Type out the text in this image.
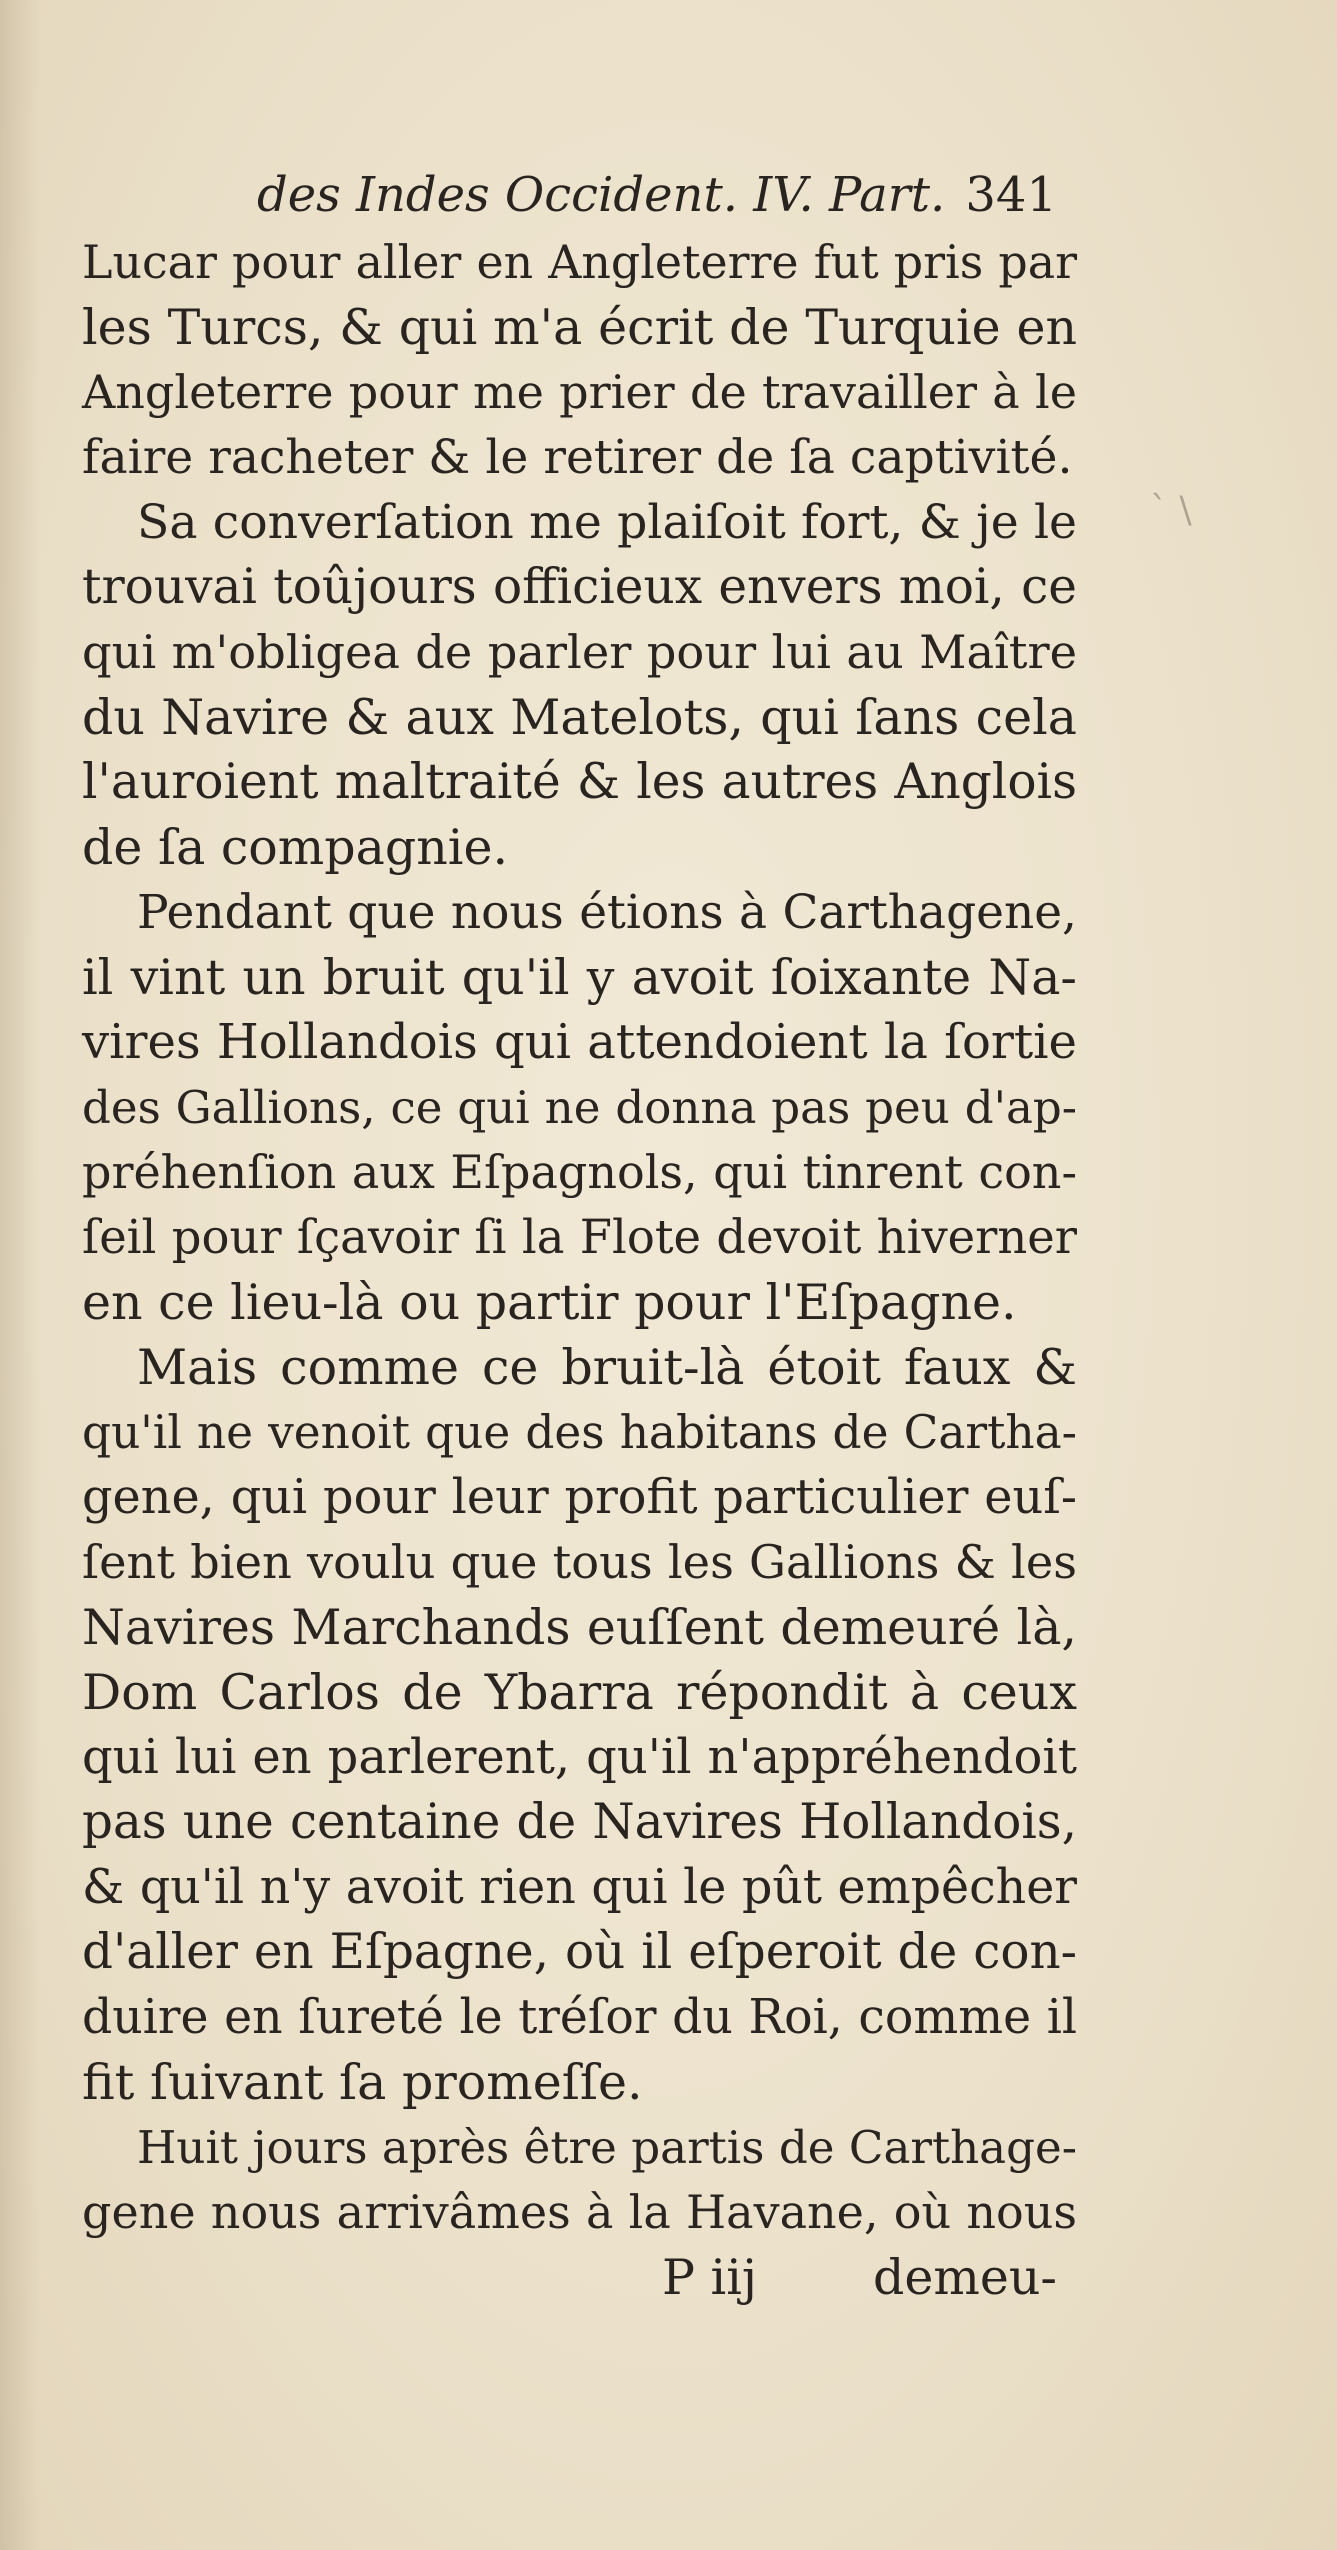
des Indes Occident. IV. Part. 341
Lucar pour aller en Angleterre fut pris par
les Turcs, & qui m'a écrit de Turquie en
Angleterre pour me prier de travailler à le
faire racheter & le retirer de ſa captivité.
Sa converſation me plaiſoit fort, & je le
trouvai toûjours officieux envers moi, ce
qui m'obligea de parler pour lui au Maître
du Navire & aux Matelots, qui ſans cela
l'auroient maltraité & les autres Anglois
de ſa compagnie.
Pendant que nous étions à Carthagene,
il vint un bruit qu'il y avoit ſoixante Na-
vires Hollandois qui attendoient la ſortie
des Gallions, ce qui ne donna pas peu d'ap-
préhenſion aux Eſpagnols, qui tinrent con-
ſeil pour ſçavoir ſi la Flote devoit hiverner
en ce lieu-là ou partir pour l'Eſpagne.
Mais comme ce bruit-là étoit faux &
qu'il ne venoit que des habitans de Cartha-
gene, qui pour leur profit particulier euſ-
ſent bien voulu que tous les Gallions & les
Navires Marchands euſſent demeuré là,
Dom Carlos de Ybarra répondit à ceux
qui lui en parlerent, qu'il n'appréhendoit
pas une centaine de Navires Hollandois,
& qu'il n'y avoit rien qui le pût empêcher
d'aller en Eſpagne, où il eſperoit de con-
duire en ſureté le tréſor du Roi, comme il
fit ſuivant ſa promeſſe.
Huit jours après être partis de Carthage-
gene nous arrivâmes à la Havane, où nous
P iij demeu-
` \
